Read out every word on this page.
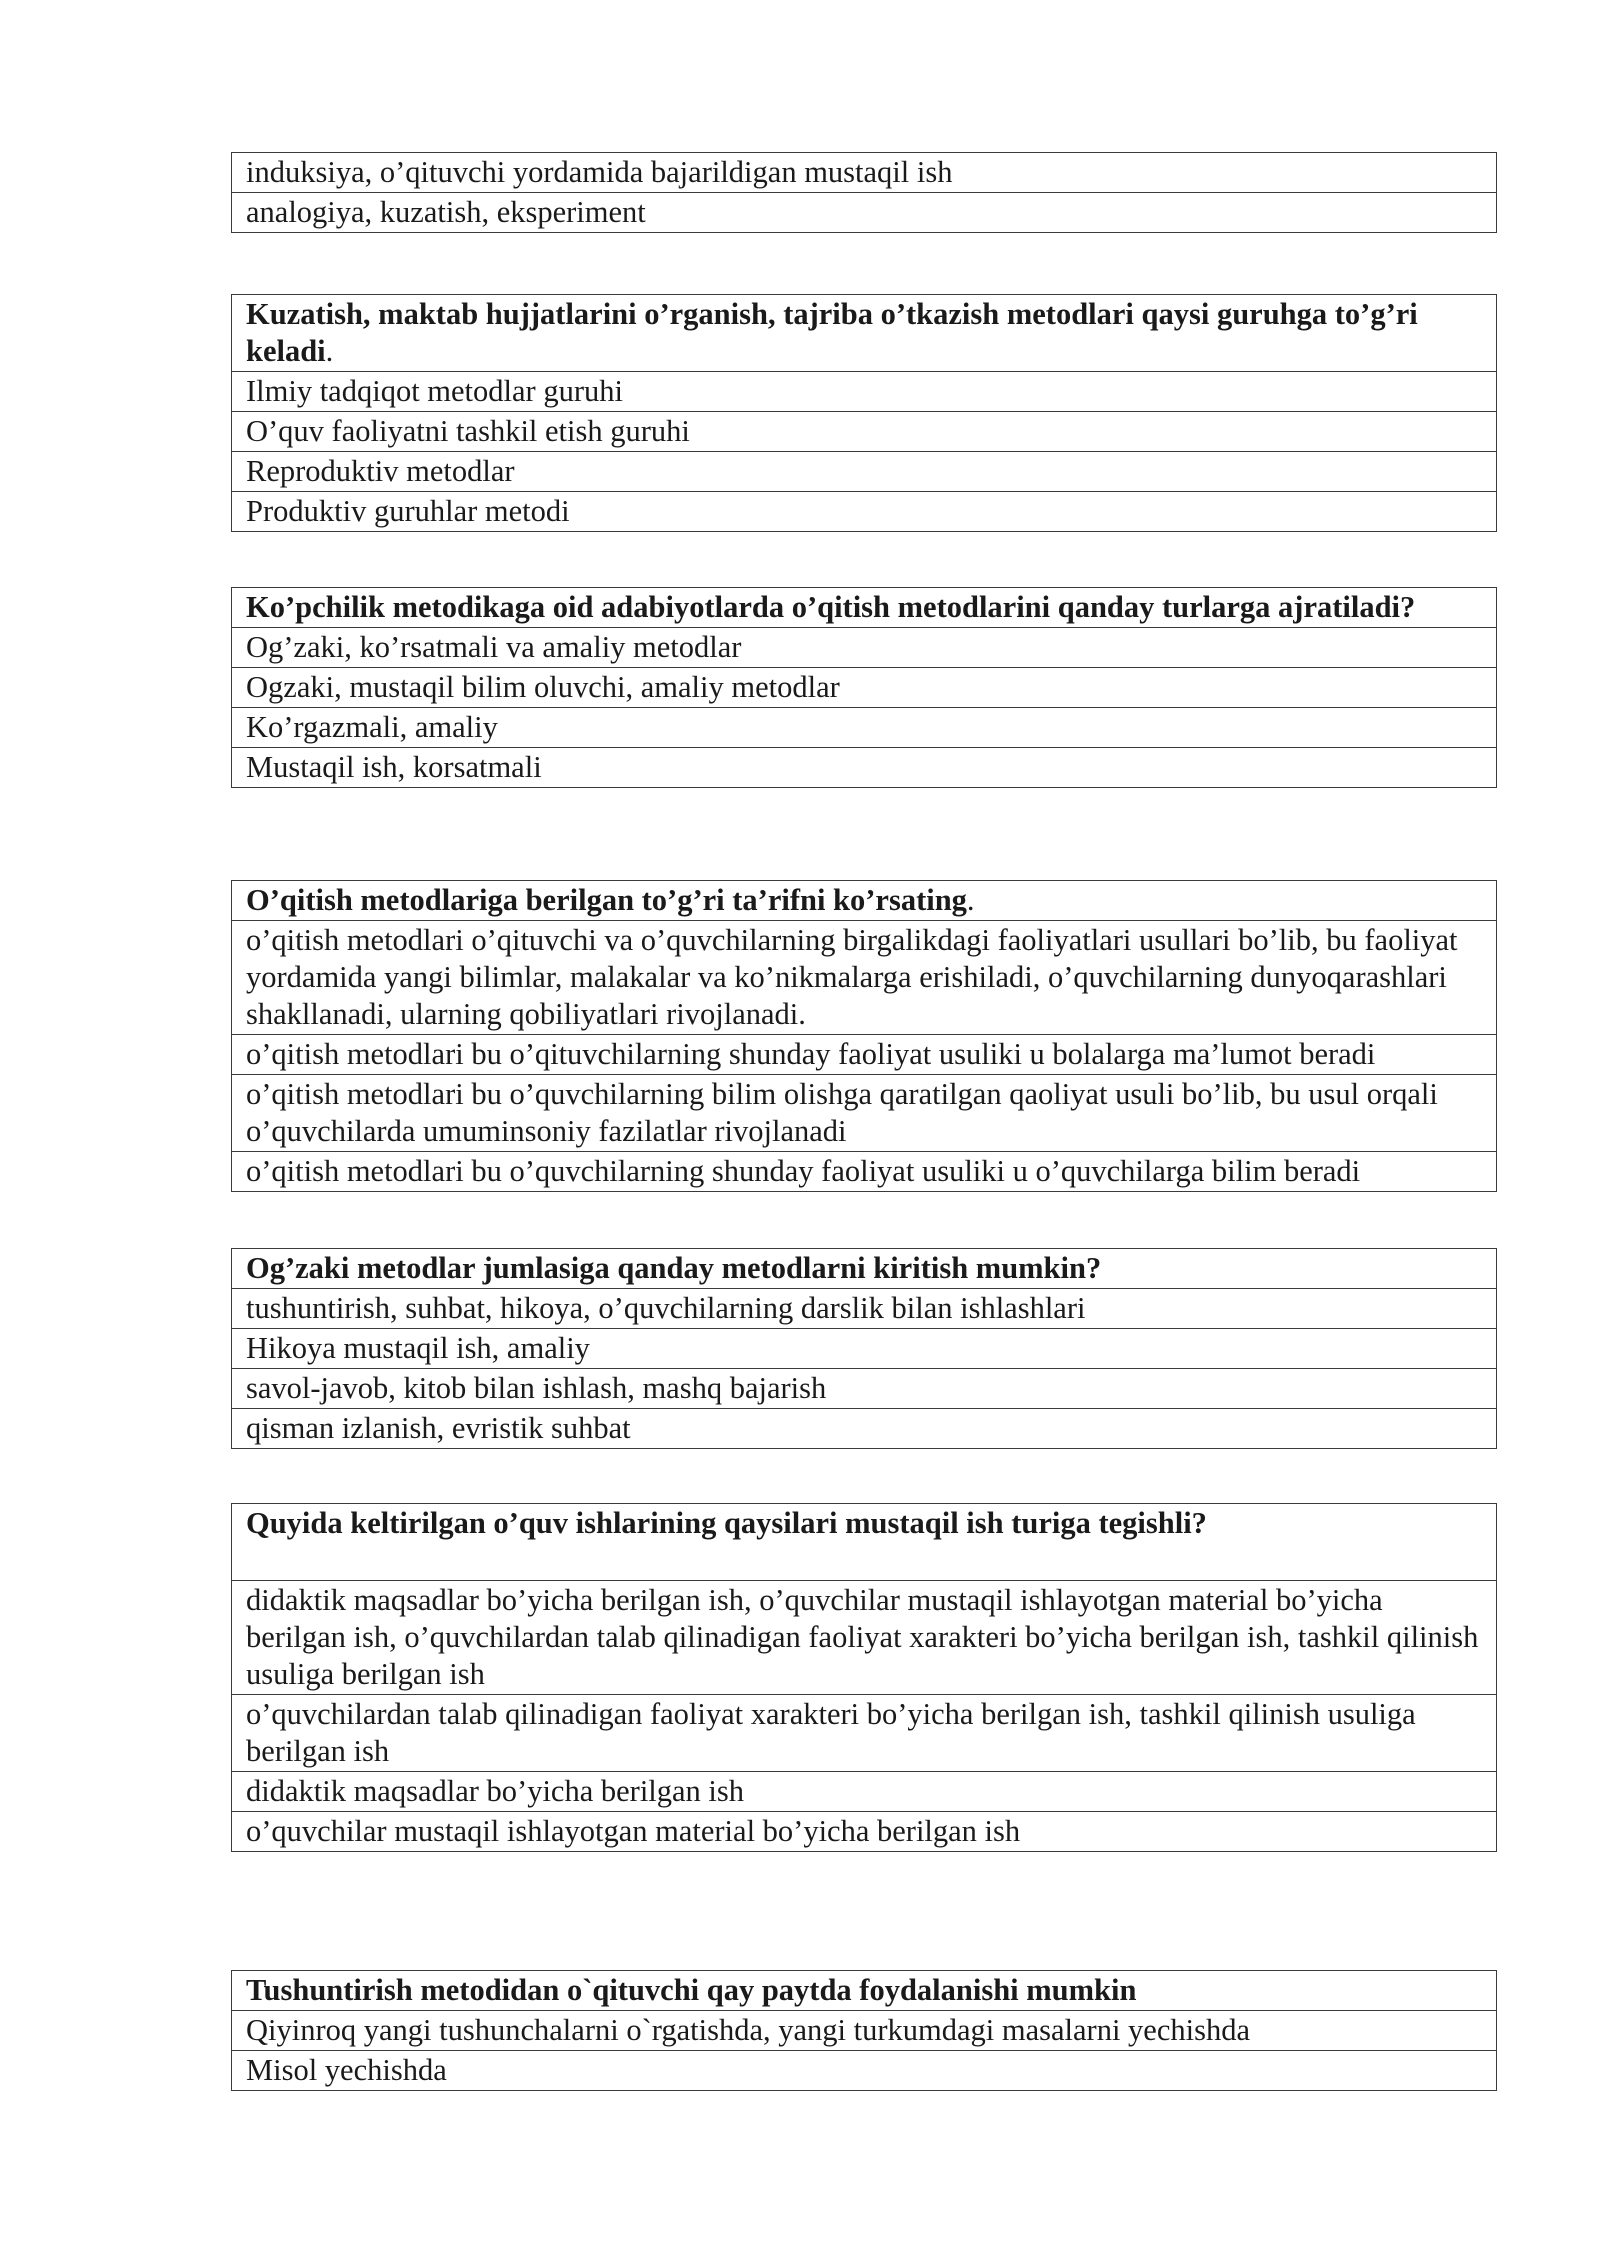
induksiya, o’qituvchi yordamida bajarildigan mustaqil ish
analogiya, kuzatish, eksperiment
Kuzatish, maktab hujjatlarini o’rganish, tajriba o’tkazish metodlari qaysi guruhga to’g’ri keladi.
Ilmiy tadqiqot metodlar guruhi
O’quv faoliyatni tashkil etish guruhi
Reproduktiv metodlar
Produktiv guruhlar metodi
Ko’pchilik metodikaga oid adabiyotlarda o’qitish metodlarini qanday turlarga ajratiladi?
Og’zaki, ko’rsatmali va amaliy metodlar
Ogzaki, mustaqil bilim oluvchi, amaliy metodlar
Ko’rgazmali, amaliy
Mustaqil ish, korsatmali
O’qitish metodlariga berilgan to’g’ri ta’rifni ko’rsating.
o’qitish metodlari o’qituvchi va o’quvchilarning birgalikdagi faoliyatlari usullari bo’lib, bu faoliyat yordamida yangi bilimlar, malakalar va ko’nikmalarga erishiladi, o’quvchilarning dunyoqarashlari shakllanadi, ularning qobiliyatlari rivojlanadi.
o’qitish metodlari bu o’qituvchilarning shunday faoliyat usuliki u bolalarga ma’lumot beradi
o’qitish metodlari bu o’quvchilarning bilim olishga qaratilgan qaoliyat usuli bo’lib, bu usul orqali o’quvchilarda umuminsoniy fazilatlar rivojlanadi
o’qitish metodlari bu o’quvchilarning shunday faoliyat usuliki u o’quvchilarga bilim beradi
Og’zaki metodlar jumlasiga qanday metodlarni kiritish mumkin?
tushuntirish, suhbat, hikoya, o’quvchilarning darslik bilan ishlashlari
Hikoya mustaqil ish, amaliy
savol-javob, kitob bilan ishlash, mashq bajarish
qisman izlanish, evristik suhbat
Quyida keltirilgan o’quv ishlarining qaysilari mustaqil ish turiga tegishli?
didaktik maqsadlar bo’yicha berilgan ish, o’quvchilar mustaqil ishlayotgan material bo’yicha berilgan ish, o’quvchilardan talab qilinadigan faoliyat xarakteri bo’yicha berilgan ish, tashkil qilinish usuliga berilgan ish
o’quvchilardan talab qilinadigan faoliyat xarakteri bo’yicha berilgan ish, tashkil qilinish usuliga berilgan ish
didaktik maqsadlar bo’yicha berilgan ish
o’quvchilar mustaqil ishlayotgan material bo’yicha berilgan ish
Tushuntirish metodidan o`qituvchi qay paytda foydalanishi mumkin
Qiyinroq yangi tushunchalarni o`rgatishda, yangi turkumdagi masalarni yechishda
Misol yechishda
